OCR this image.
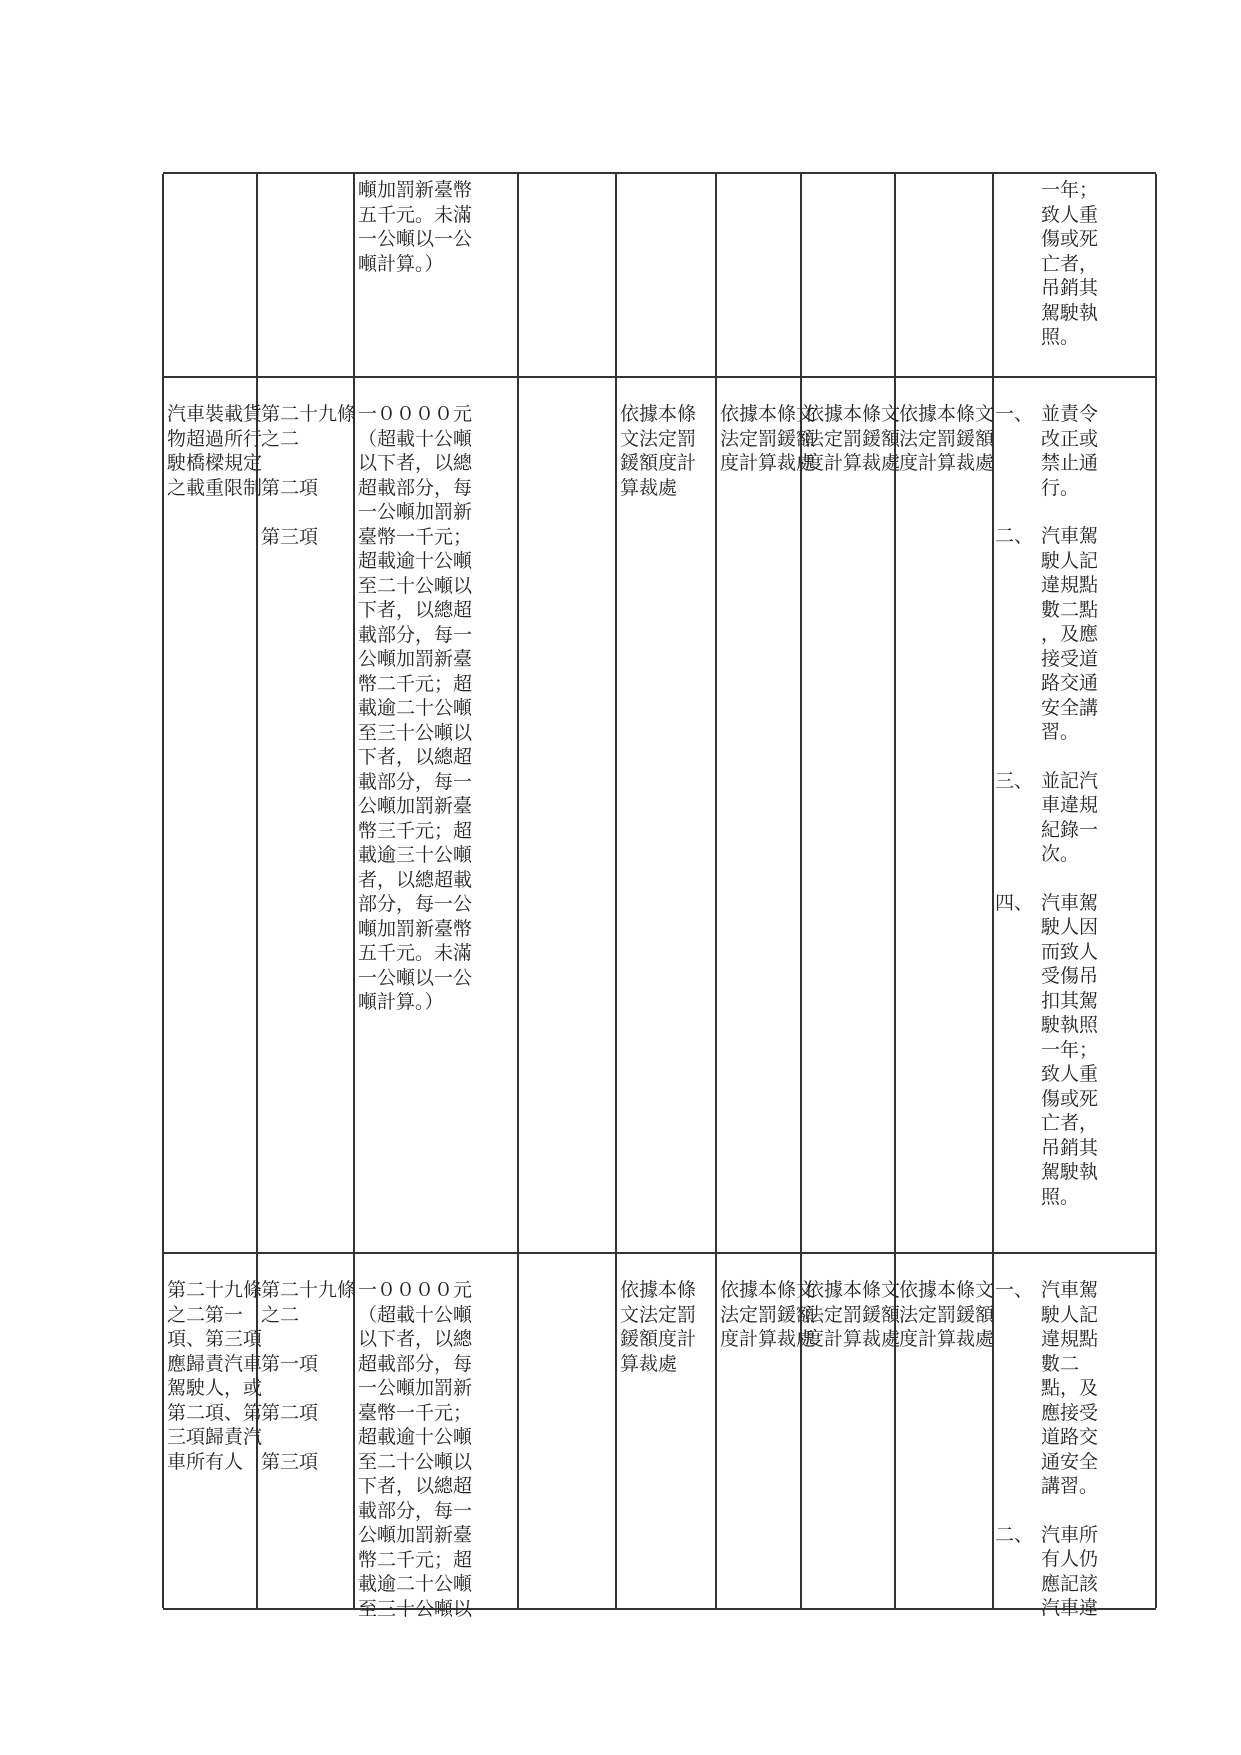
噸加罰新臺幣
五千元。未滿
一公噸以一公
噸計算。）
一年；
致人重
傷或死
亡者，
吊銷其
駕駛執
照。
汽車裝載貨
物超過所行
駛橋樑規定
之載重限制
第二十九條
之二
第二項
第三項
一００００元
（超載十公噸
以下者，以總
超載部分，每
一公噸加罰新
臺幣一千元；
超載逾十公噸
至二十公噸以
下者，以總超
載部分，每一
公噸加罰新臺
幣二千元；超
載逾二十公噸
至三十公噸以
下者，以總超
載部分，每一
公噸加罰新臺
幣三千元；超
載逾三十公噸
者，以總超載
部分，每一公
噸加罰新臺幣
五千元。未滿
一公噸以一公
噸計算。）
依據本條
文法定罰
鍰額度計
算裁處
依據本條文
法定罰鍰額
度計算裁處
依據本條文
法定罰鍰額
度計算裁處
依據本條文
法定罰鍰額
度計算裁處
一、 並責令
改正或
禁止通
行。
二、 汽車駕
駛人記
違規點
數二點
，及應
接受道
路交通
安全講
習。
三、 並記汽
車違規
紀錄一
次。
四、 汽車駕
駛人因
而致人
受傷吊
扣其駕
駛執照
一年；
致人重
傷或死
亡者，
吊銷其
駕駛執
照。
第二十九條
之二第一
項、第三項
應歸責汽車
駕駛人，或
第二項、第
三項歸責汽
車所有人
第二十九條
之二
第一項
第二項
第三項
一００００元
（超載十公噸
以下者，以總
超載部分，每
一公噸加罰新
臺幣一千元；
超載逾十公噸
至二十公噸以
下者，以總超
載部分，每一
公噸加罰新臺
幣二千元；超
載逾二十公噸
至三十公噸以
依據本條
文法定罰
鍰額度計
算裁處
依據本條文
法定罰鍰額
度計算裁處
依據本條文
法定罰鍰額
度計算裁處
依據本條文
法定罰鍰額
度計算裁處
一、 汽車駕
駛人記
違規點
數二
點，及
應接受
道路交
通安全
講習。
二、 汽車所
有人仍
應記該
汽車違
